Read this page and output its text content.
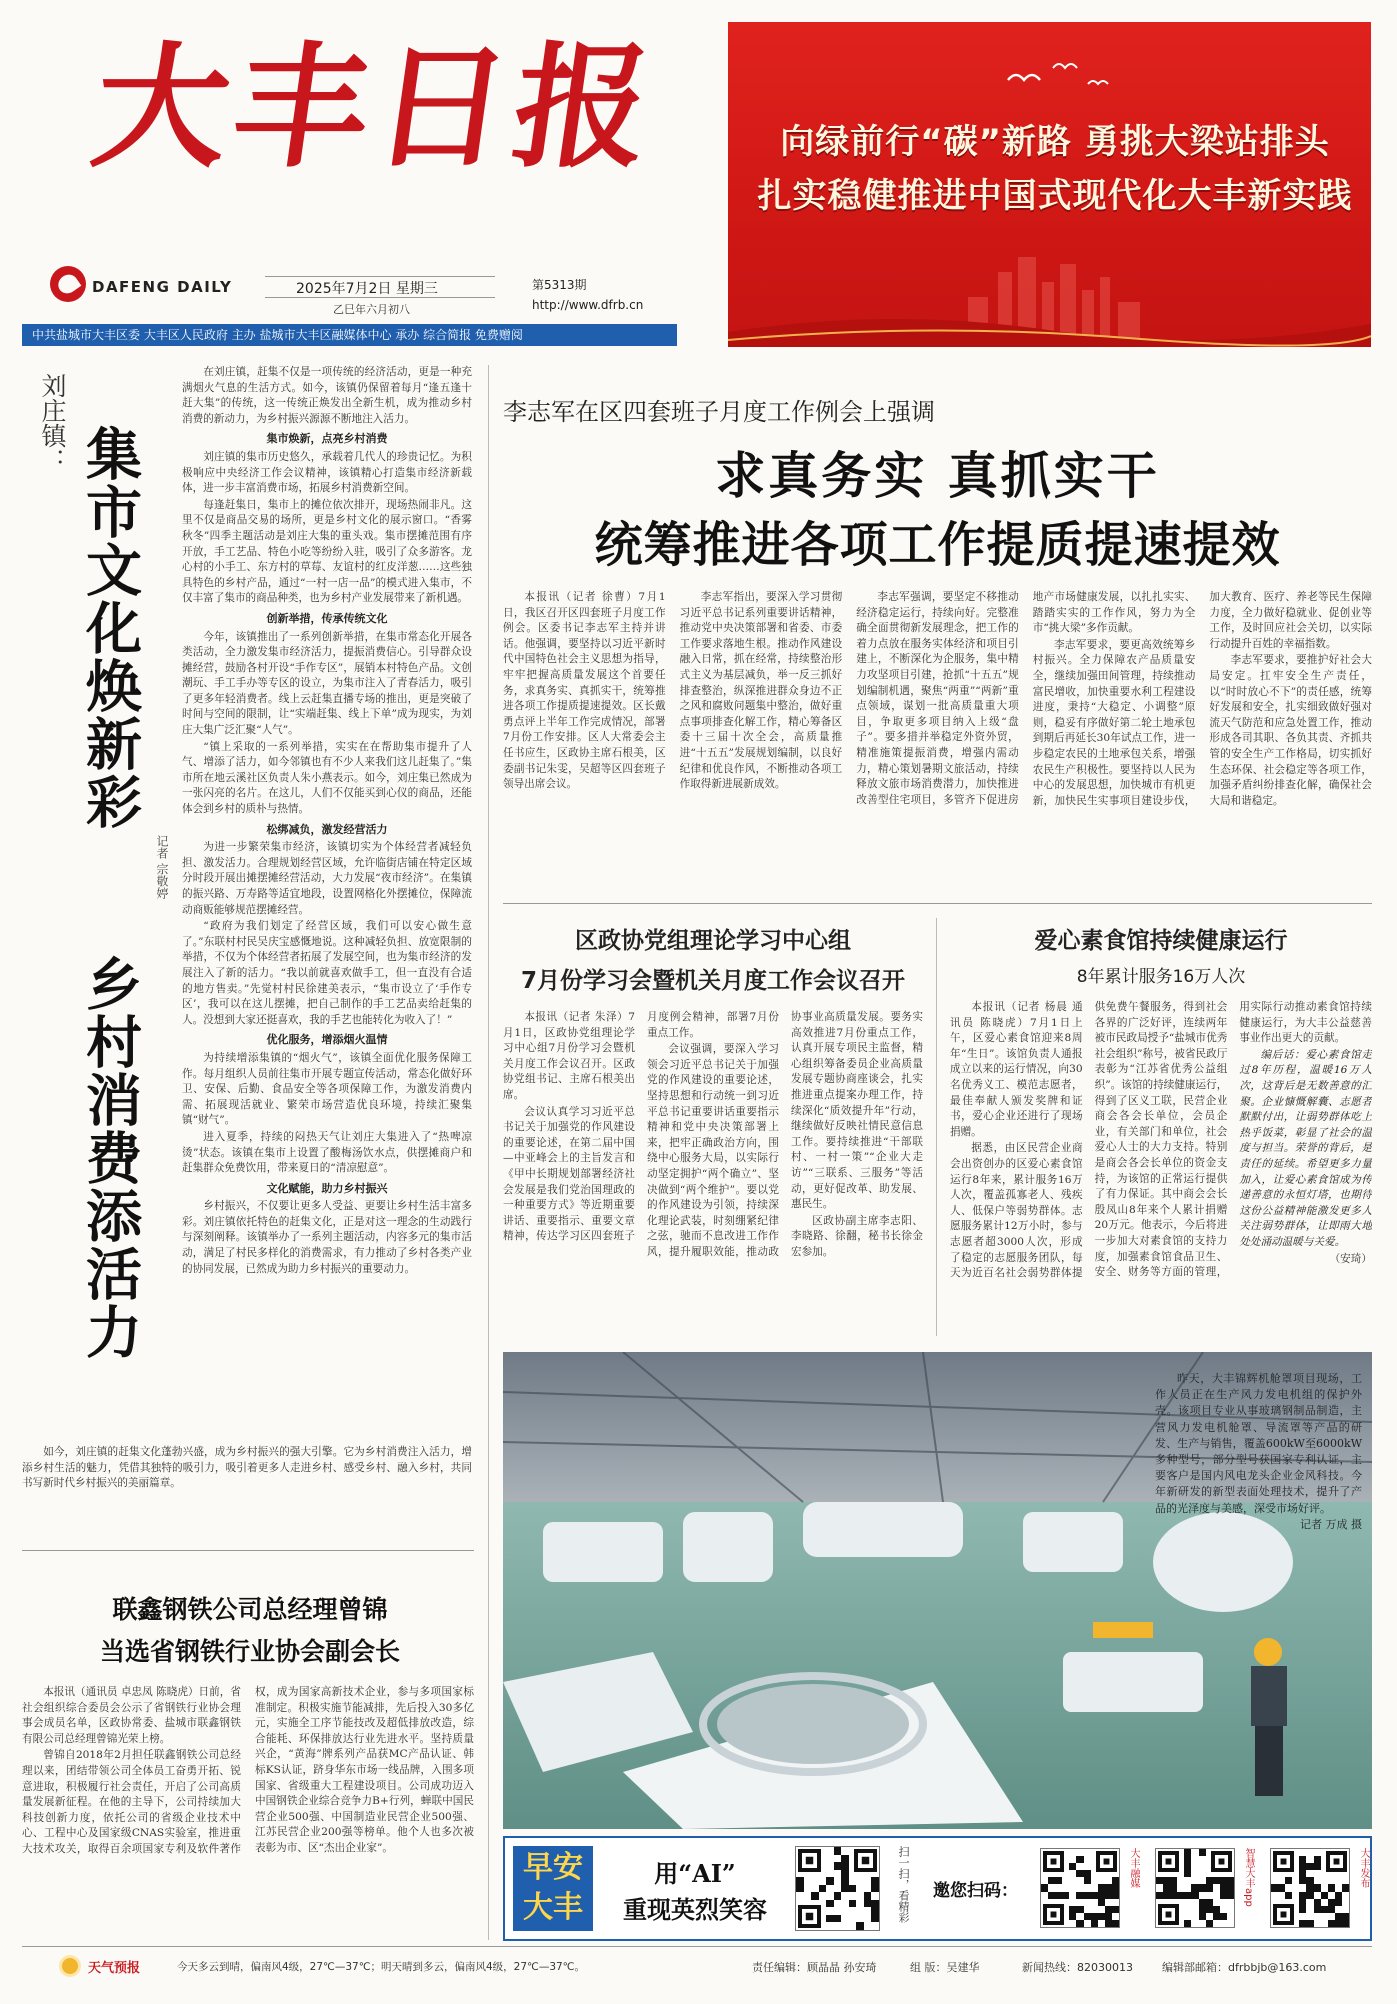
大丰日报
DAFENG DAILY	2025年7月2日 星期三
乙巳年六月初八
第5313期
http://www.dfrb.cn
中共盐城市大丰区委 大丰区人民政府 主办 盐城市大丰区融媒体中心 承办 综合简报 免费赠阅
向绿前行“碳”新路 勇挑大梁站排头
扎实稳健推进中国式现代化大丰新实践
刘庄镇：
集市文化焕新彩
乡村消费添活力
记者 宗敬婷

在刘庄镇，赶集不仅是一项传统的经济活动，更是一种充满烟火气息的生活方式。如今，该镇仍保留着每月“逢五逢十赶大集”的传统，这一传统正焕发出全新生机，成为推动乡村消费的新动力，为乡村振兴源源不断地注入活力。

集市焕新，点亮乡村消费

刘庄镇的集市历史悠久，承载着几代人的珍贵记忆。为积极响应中央经济工作会议精神，该镇精心打造集市经济新载体，进一步丰富消费市场，拓展乡村消费新空间。

每逢赶集日，集市上的摊位依次排开，现场热闹非凡。这里不仅是商品交易的场所，更是乡村文化的展示窗口。“香雾秋冬”四季主题活动是刘庄大集的重头戏。集市摆摊范围有序开放，手工艺品、特色小吃等纷纷入驻，吸引了众多游客。龙心村的小手工、东方村的草莓、友谊村的红皮洋葱……这些独具特色的乡村产品，通过“一村一店一品”的模式进入集市，不仅丰富了集市的商品种类，也为乡村产业发展带来了新机遇。

创新举措，传承传统文化

今年，该镇推出了一系列创新举措，在集市常态化开展各类活动，全力激发集市经济活力，提振消费信心。引导群众设摊经营，鼓励各村开设“手作专区”，展销本村特色产品。文创潮玩、手工手办等专区的设立，为集市注入了青春活力，吸引了更多年轻消费者。线上云赶集直播专场的推出，更是突破了时间与空间的限制，让“实端赶集、线上下单”成为现实，为刘庄大集广泛汇聚“人气”。

“镇上采取的一系列举措，实实在在帮助集市提升了人气、增添了活力，如今邻镇也有不少人来我们这儿赶集了。”集市所在地云溪社区负责人朱小燕表示。如今，刘庄集已然成为一张闪亮的名片。在这儿，人们不仅能买到心仪的商品，还能体会到乡村的质朴与热情。

松绑减负，激发经营活力

为进一步繁荣集市经济，该镇切实为个体经营者减轻负担、激发活力。合理规划经营区域，允许临街店铺在特定区域分时段开展出摊摆摊经营活动，大力发展“夜市经济”。在集镇的振兴路、万寿路等适宜地段，设置网格化外摆摊位，保障流动商贩能够规范摆摊经营。

“政府为我们划定了经营区域，我们可以安心做生意了。”东联村村民吴庆宝感慨地说。这种减轻负担、放宽限制的举措，不仅为个体经营者拓展了发展空间，也为集市经济的发展注入了新的活力。“我以前就喜欢做手工，但一直没有合适的地方售卖。”先觉村村民徐建美表示，“集市设立了‘手作专区’，我可以在这儿摆摊，把自己制作的手工艺品卖给赶集的人。没想到大家还挺喜欢，我的手艺也能转化为收入了！”

优化服务，增添烟火温情

为持续增添集镇的“烟火气”，该镇全面优化服务保障工作。每月组织人员前往集市开展专题宣传活动，常态化做好环卫、安保、后勤、食品安全等各项保障工作，为激发消费内需、拓展现活就业、繁荣市场营造优良环境，持续汇聚集镇“财气”。

进入夏季，持续的闷热天气让刘庄大集进入了“热啤凉烫”状态。该镇在集市上设置了酸梅汤饮水点，供摆摊商户和赶集群众免费饮用，带来夏日的“清凉慰意”。

文化赋能，助力乡村振兴

乡村振兴，不仅要让更多人受益、更要让乡村生活丰富多彩。刘庄镇依托特色的赶集文化，正是对这一理念的生动践行与深刻阐释。该镇举办了一系列主题活动，内容多元的集市活动，满足了村民多样化的消费需求，有力推动了乡村各类产业的协同发展，已然成为助力乡村振兴的重要动力。

如今，刘庄镇的赶集文化蓬勃兴盛，成为乡村振兴的强大引擎。它为乡村消费注入活力，增添乡村生活的魅力，凭借其独特的吸引力，吸引着更多人走进乡村、感受乡村、融入乡村，共同书写新时代乡村振兴的美丽篇章。

联鑫钢铁公司总经理曾锦
当选省钢铁行业协会副会长

本报讯（通讯员 卓忠凤 陈晓虎）日前，省社会组织综合委员会公示了省钢铁行业协会理事会成员名单，区政协常委、盐城市联鑫钢铁有限公司总经理曾锦光荣上榜。

曾锦自2018年2月担任联鑫钢铁公司总经理以来，团结带领公司全体员工奋勇开拓、锐意进取，积极履行社会责任，开启了公司高质量发展新征程。在他的主导下，公司持续加大科技创新力度，依托公司的省级企业技术中心、工程中心及国家级CNAS实验室，推进重大技术攻关，取得百余项国家专利及软件著作权，成为国家高新技术企业，参与多项国家标准制定。积极实施节能减排，先后投入30多亿元，实施全工序节能技改及超低排放改造，综合能耗、环保排放达行业先进水平。坚持质量兴企，“黄海”牌系列产品获MC产品认证、韩标KS认证，跻身华东市场一线品牌，入围多项国家、省级重大工程建设项目。公司成功迈入中国钢铁企业综合竞争力B+行列，蝉联中国民营企业500强、中国制造业民营企业500强、江苏民营企业200强等榜单。他个人也多次被表彰为市、区“杰出企业家”。

李志军在区四套班子月度工作例会上强调
求真务实 真抓实干
统筹推进各项工作提质提速提效

本报讯（记者 徐曹）7月1日，我区召开区四套班子月度工作例会。区委书记李志军主持并讲话。他强调，要坚持以习近平新时代中国特色社会主义思想为指导，牢牢把握高质量发展这个首要任务，求真务实、真抓实干，统筹推进各项工作提质提速提效。区长戴勇点评上半年工作完成情况，部署7月份工作安排。区人大常委会主任书应生，区政协主席石根美，区委副书记朱雯，吴超等区四套班子领导出席会议。

李志军指出，要深入学习贯彻习近平总书记系列重要讲话精神，推动党中央决策部署和省委、市委工作要求落地生根。推动作风建设融入日常，抓在经常，持续整治形式主义为基层减负，举一反三抓好排查整治，纵深推进群众身边不正之风和腐败问题集中整治，做好重点事项排查化解工作，精心筹备区委十三届十次全会，高质量推进“十五五”发展规划编制，以良好纪律和优良作风，不断推动各项工作取得新进展新成效。

李志军强调，要坚定不移推动经济稳定运行，持续向好。完整准确全面贯彻新发展理念，把工作的着力点放在服务实体经济和项目引建上，不断深化为企服务，集中精力攻坚项目引建，抢抓“十五五”规划编制机遇，聚焦“两重”“两新”重点领域，谋划一批高质量重大项目，争取更多项目纳入上级“盘子”。要多措并举稳定外资外贸，精准施策提振消费，增强内需动力，精心策划暑期文旅活动，持续释放文旅市场消费潜力，加快推进改善型住宅项目，多管齐下促进房地产市场健康发展，以扎扎实实、踏踏实实的工作作风，努力为全市“挑大梁”多作贡献。

李志军要求，要更高效统筹乡村振兴。全力保障农产品质量安全，继续加强田间管理，持续推动富民增收，加快重要水利工程建设进度，秉持“大稳定、小调整”原则，稳妥有序做好第二轮土地承包到期后再延长30年试点工作，进一步稳定农民的土地承包关系，增强农民生产积极性。要坚持以人民为中心的发展思想，加快城市有机更新，加快民生实事项目建设步伐，加大教育、医疗、养老等民生保障力度，全力做好稳就业、促创业等工作，及时回应社会关切，以实际行动提升百姓的幸福指数。

李志军要求，要推护好社会大局安定。扛牢安全生产责任，以“时时放心不下”的责任感，统筹好发展和安全，扎实细致做好强对流天气防范和应急处置工作，推动形成各司其职、各负其责、齐抓共管的安全生产工作格局，切实抓好生态环保、社会稳定等各项工作，加强矛盾纠纷排查化解，确保社会大局和谐稳定。

区政协党组理论学习中心组
7月份学习会暨机关月度工作会议召开

本报讯（记者 朱泽）7月1日，区政协党组理论学习中心组7月份学习会暨机关月度工作会议召开。区政协党组书记、主席石根美出席。

会议认真学习习近平总书记关于加强党的作风建设的重要论述，在第二届中国—中亚峰会上的主旨发言和《甲中长期规划部署经济社会发展是我们党治国理政的一种重要方式》等近期重要讲话、重要指示、重要文章精神，传达学习区四套班子月度例会精神，部署7月份重点工作。

会议强调，要深入学习领会习近平总书记关于加强党的作风建设的重要论述，坚持思想和行动统一到习近平总书记重要讲话重要指示精神和党中央决策部署上来，把牢正确政治方向，围绕中心服务大局，以实际行动坚定拥护“两个确立”、坚决做到“两个维护”。要以党的作风建设为引领，持续深化理论武装，时刻绷紧纪律之弦，驰而不息改进工作作风，提升履职效能，推动政协事业高质量发展。要务实高效推进7月份重点工作，认真开展专项民主监督，精心组织筹备委员企业高质量发展专题协商座谈会，扎实推进重点提案办理工作，持续深化“质效提升年”行动，继续做好反映社情民意信息工作。要持续推进“干部联村、一村一策”“企业大走访”“三联系、三服务”等活动，更好促改革、助发展、惠民生。

区政协副主席李志阳、李晓路、徐翻，秘书长徐金宏参加。

爱心素食馆持续健康运行
8年累计服务16万人次

本报讯（记者 杨晨 通讯员 陈晓虎）7月1日上午，区爱心素食馆迎来8周年“生日”。该馆负责人通报成立以来的运行情况，向30名优秀义工、模范志愿者，最佳奉献人颁发奖牌和证书，爱心企业还进行了现场捐赠。

据悉，由区民营企业商会出资创办的区爱心素食馆运行8年来，累计服务16万人次，覆盖孤寡老人、残疾人、低保户等弱势群体。志愿服务累计12万小时，参与志愿者超3000人次，形成了稳定的志愿服务团队，每天为近百名社会弱势群体提供免费午餐服务，得到社会各界的广泛好评，连续两年被市民政局授予“盐城市优秀社会组织”称号，被省民政厅表彰为“江苏省优秀公益组织”。该馆的持续健康运行，得到了区义工联，民营企业商会各会长单位，会员企业，有关部门和单位，社会爱心人士的大力支持。特别是商会各会长单位的资金支持，为该馆的正常运行提供了有力保证。其中商会会长殷凤山8年来个人累计捐赠20万元。他表示，今后将进一步加大对素食馆的支持力度，加强素食馆食品卫生、安全、财务等方面的管理，用实际行动推动素食馆持续健康运行，为大丰公益慈善事业作出更大的贡献。

编后话：爱心素食馆走过8年历程，温暖16万人次，这背后是无数善意的汇聚。企业慷慨解囊、志愿者默默付出，让弱势群体吃上热乎饭菜，彰显了社会的温度与担当。荣誉的背后，是责任的延续。希望更多力量加入，让爱心素食馆成为传递善意的永恒灯塔，也期待这份公益精神能激发更多人关注弱势群体，让即雨大地处处涌动温暖与关爱。

（安琦）

昨天，大丰锦辉机舱罩项目现场，工作人员正在生产风力发电机组的保护外壳。该项目专业从事玻璃钢制品制造，主营风力发电机舱罩、导流罩等产品的研发、生产与销售，覆盖600kW至6000kW多种型号，部分型号获国家专利认证，主要客户是国内风电龙头企业金风科技。今年新研发的新型表面处理技术，提升了产品的光泽度与美感，深受市场好评。
记者 万成 摄
早安大丰
用“AI”
重现英烈笑容	扫一扫，看精彩 邀您扫码：
大丰融媒	智慧大丰app	大丰发布
天气预报	今天多云到晴，偏南风4级，27℃—37℃；明天晴到多云，偏南风4级，27℃—37℃。	责任编辑：顾晶晶 孙安琦	组 版：吴建华	新闻热线：82030013	编辑部邮箱：dfrbbjb@163.com
